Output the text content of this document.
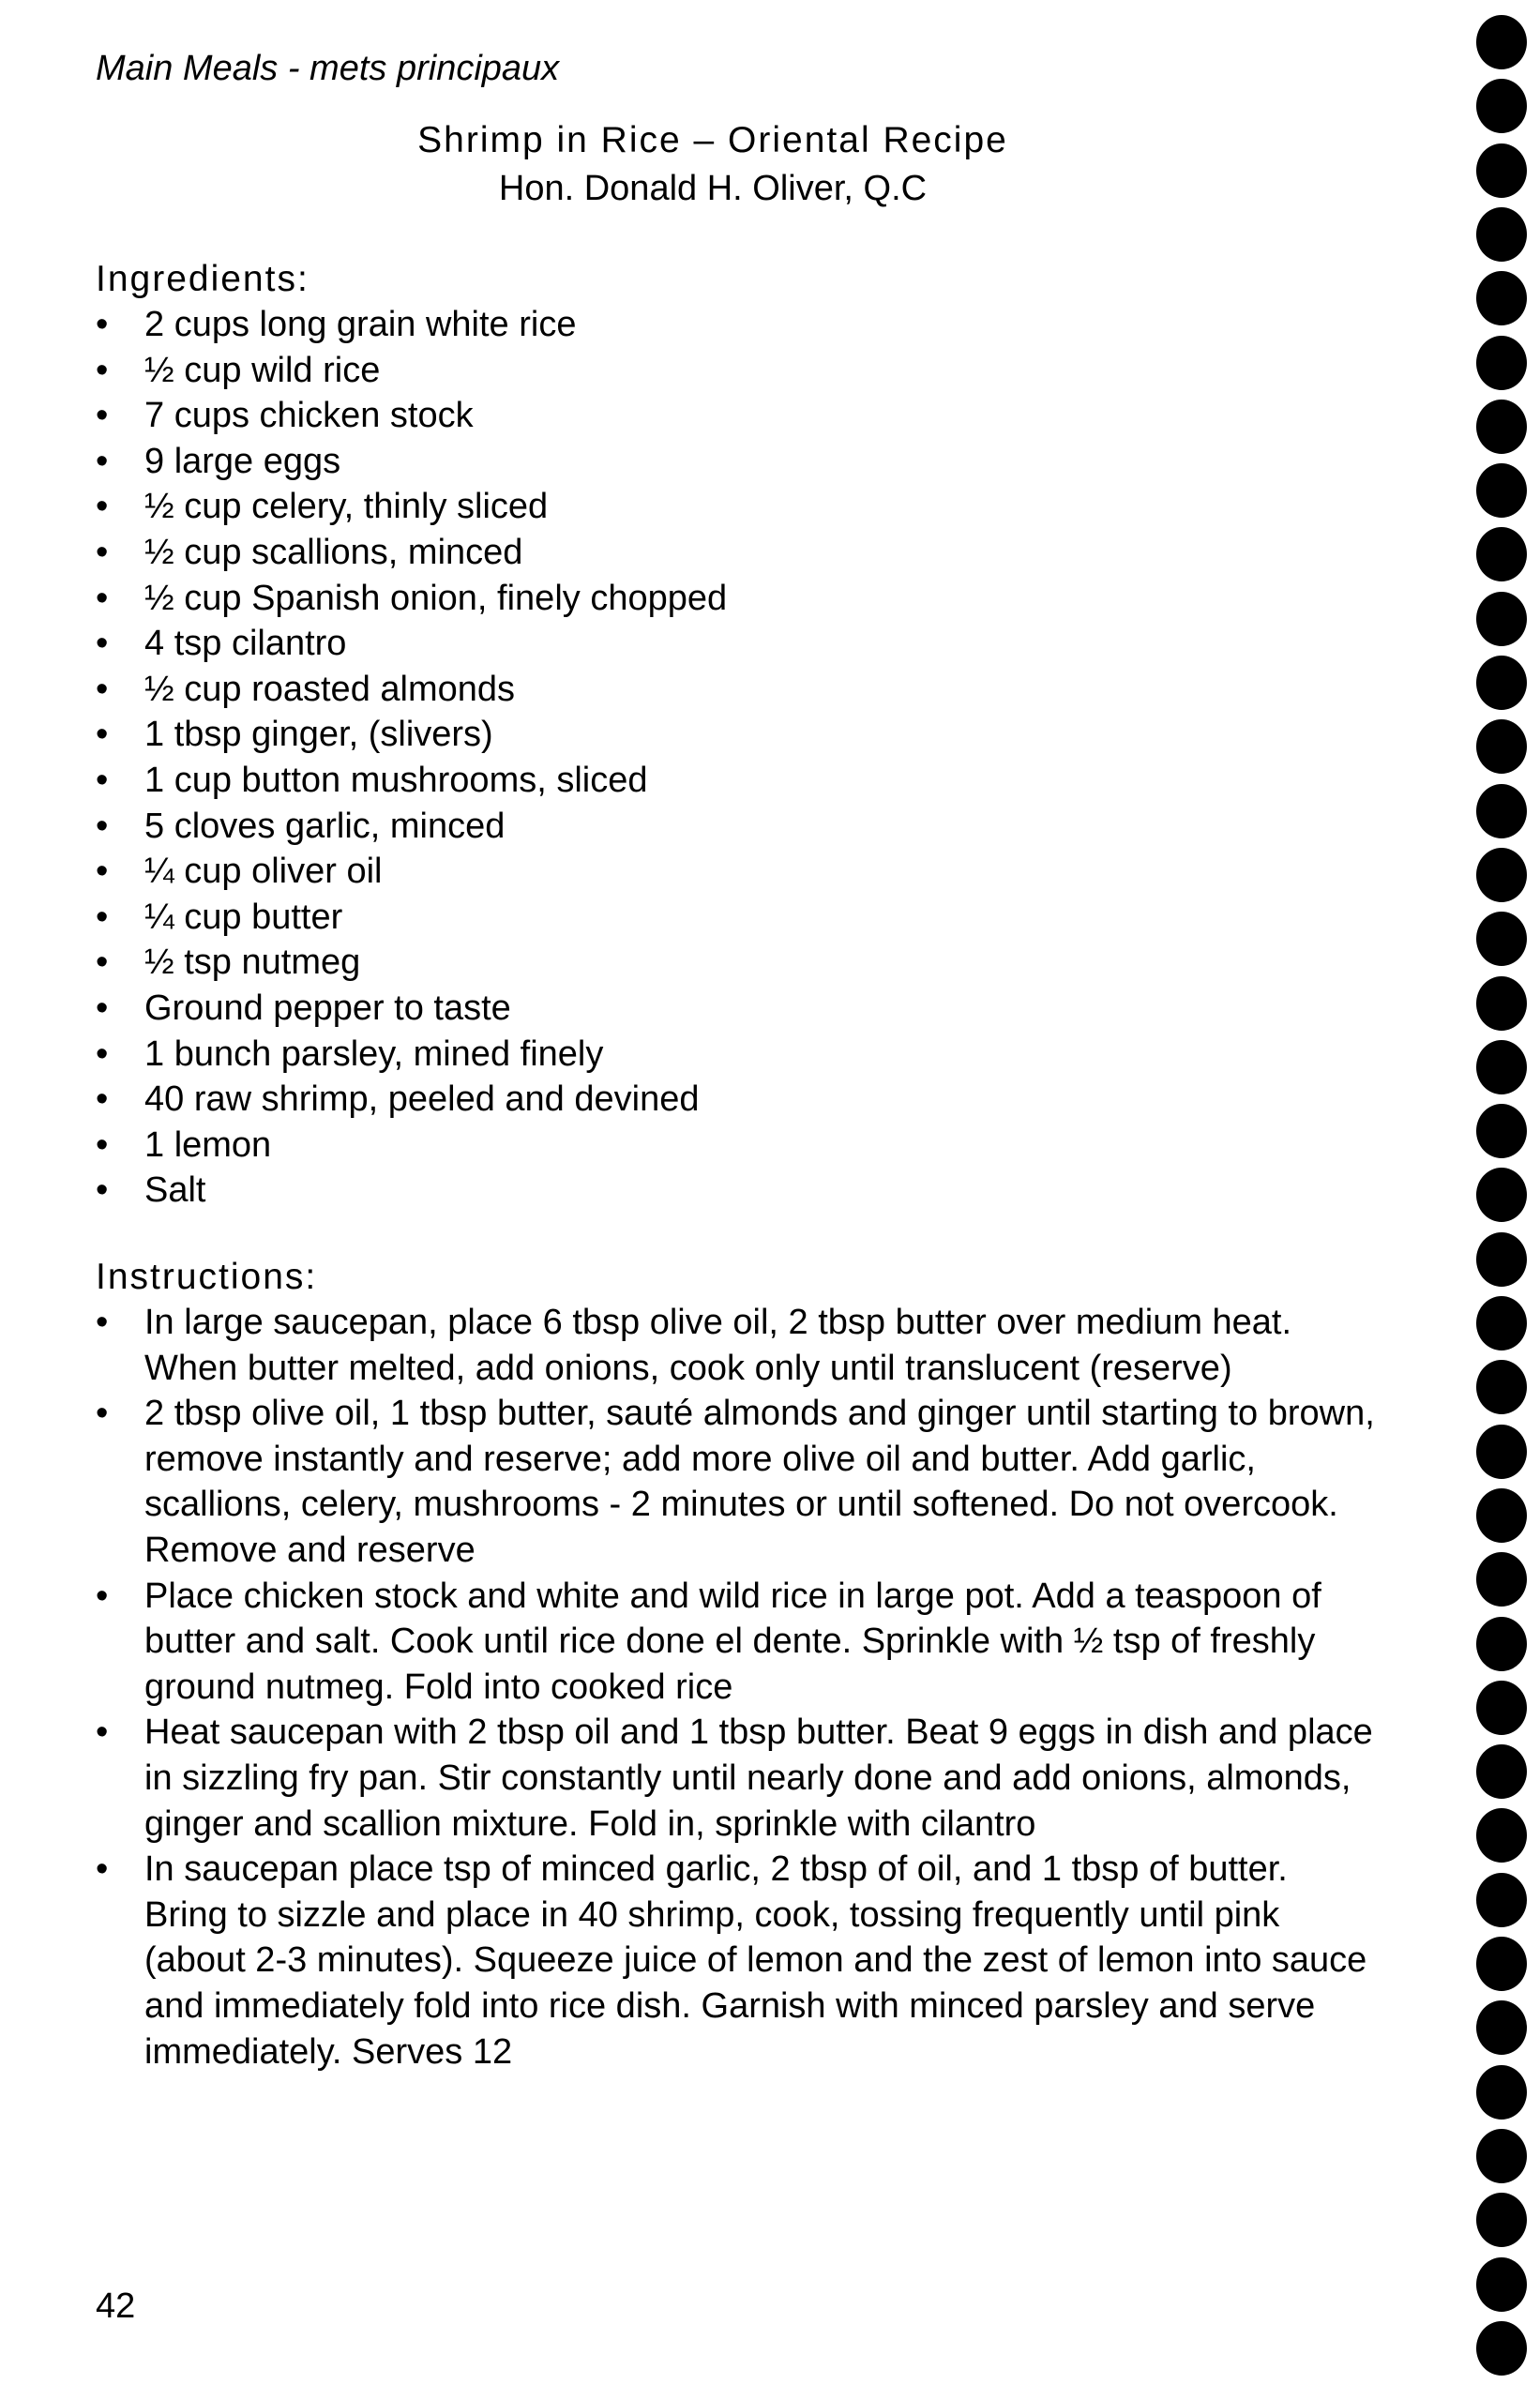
Main Meals - mets principaux
Shrimp in Rice – Oriental Recipe
Hon. Donald H. Oliver, Q.C
Ingredients:
• 2 cups long grain white rice
• ½ cup wild rice
• 7 cups chicken stock
• 9 large eggs
• ½ cup celery, thinly sliced
• ½ cup scallions, minced
• ½ cup Spanish onion, finely chopped
• 4 tsp cilantro
• ½ cup roasted almonds
• 1 tbsp ginger, (slivers)
• 1 cup button mushrooms, sliced
• 5 cloves garlic, minced
• ¼ cup oliver oil
• ¼ cup butter
• ½ tsp nutmeg
• Ground pepper to taste
• 1 bunch parsley, mined finely
• 40 raw shrimp, peeled and devined
• 1 lemon
• Salt
Instructions:
• In large saucepan, place 6 tbsp olive oil, 2 tbsp butter over medium heat. When butter melted, add onions, cook only until translucent (reserve)
• 2 tbsp olive oil, 1 tbsp butter, sauté almonds and ginger until starting to brown, remove instantly and reserve; add more olive oil and butter. Add garlic, scallions, celery, mushrooms - 2 minutes or until softened. Do not overcook. Remove and reserve
• Place chicken stock and white and wild rice in large pot. Add a teaspoon of butter and salt. Cook until rice done el dente. Sprinkle with ½ tsp of freshly ground nutmeg. Fold into cooked rice
• Heat saucepan with 2 tbsp oil and 1 tbsp butter. Beat 9 eggs in dish and place in sizzling fry pan. Stir constantly until nearly done and add onions, almonds, ginger and scallion mixture. Fold in, sprinkle with cilantro
• In saucepan place tsp of minced garlic, 2 tbsp of oil, and 1 tbsp of butter. Bring to sizzle and place in 40 shrimp, cook, tossing frequently until pink (about 2-3 minutes). Squeeze juice of lemon and the zest of lemon into sauce and immediately fold into rice dish. Garnish with minced parsley and serve immediately. Serves 12
42
